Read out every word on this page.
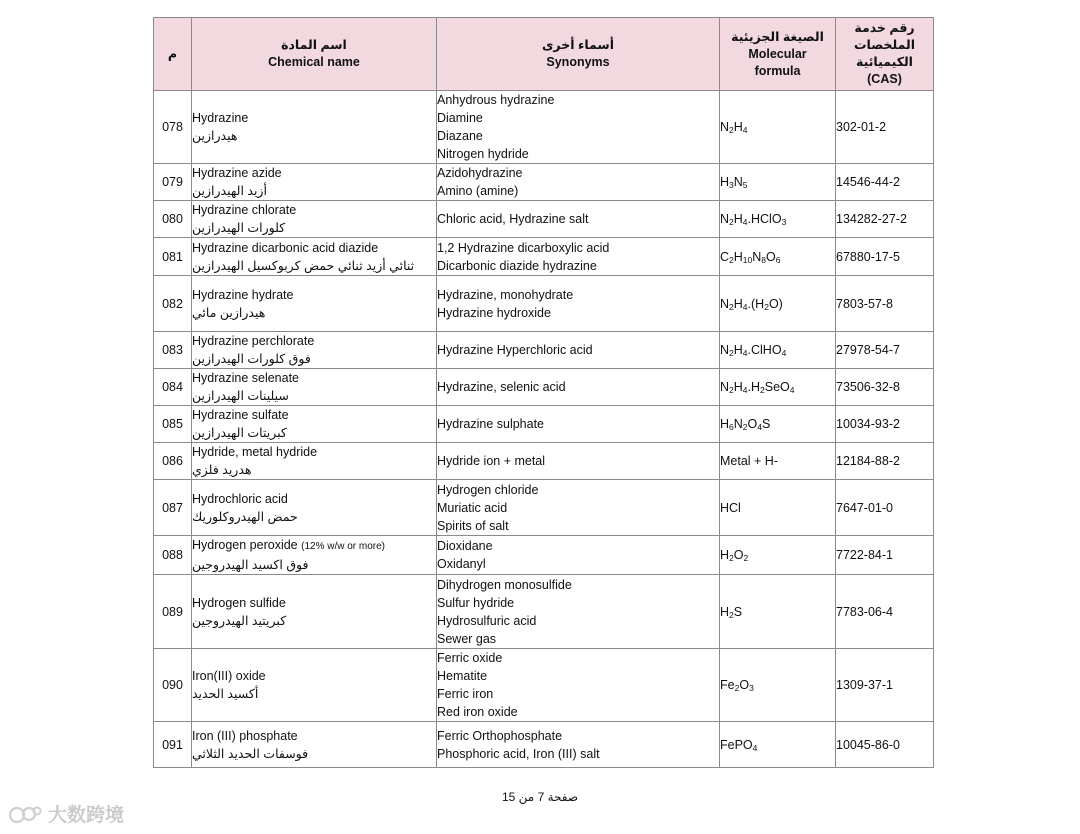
م	اسم المادة
Chemical name	أسماء أخرى
Synonyms	الصيغة الجزيئية
Molecular
formula	رقم خدمة
الملخصات
الكيميائية
(CAS)

078	Hydrazine
هيدرازين	Anhydrous hydrazine
Diamine
Diazane
Nitrogen hydride	$N_2H_4$	302-01-2
079	Hydrazine azide
أزيد الهيدرازين	Azidohydrazine
Amino (amine)	$H_3N_5$	14546-44-2
080	Hydrazine chlorate
كلورات الهيدرازين	Chloric acid, Hydrazine salt	$N_2H_4.HClO_3$	134282-27-2
081	Hydrazine dicarbonic acid diazide
ثنائي أزيد ثنائي حمض كربوكسيل الهيدرازين	1,2 Hydrazine dicarboxylic acid
Dicarbonic diazide hydrazine	$C_2H_{10}N_8O_6$	67880-17-5
082	Hydrazine hydrate
هيدرازين مائي	Hydrazine, monohydrate
Hydrazine hydroxide	$N_2H_4.(H_2O)$	7803-57-8
083	Hydrazine perchlorate
فوق كلورات الهيدرازين	Hydrazine Hyperchloric acid	$N_2H_4.ClHO_4$	27978-54-7
084	Hydrazine selenate
سيلينات الهيدرازين	Hydrazine, selenic acid	$N_2H_4.H_2SeO_4$	73506-32-8
085	Hydrazine sulfate
كبريتات الهيدرازين	Hydrazine sulphate	$H_6N_2O_4S$	10034-93-2
086	Hydride, metal hydride
هدريد فلزي	Hydride ion + metal	Metal + H-	12184-88-2
087	Hydrochloric acid
حمض الهيدروكلوريك	Hydrogen chloride
Muriatic acid
Spirits of salt	HCl	7647-01-0
088	Hydrogen peroxide (12% w/w or more)
فوق اكسيد الهيدروجين	Dioxidane
Oxidanyl	$H_2O_2$	7722-84-1
089	Hydrogen sulfide
كبريتيد الهيدروجين	Dihydrogen monosulfide
Sulfur hydride
Hydrosulfuric acid
Sewer gas	$H_2S$	7783-06-4
090	Iron(III) oxide
أكسيد الحديد	Ferric oxide
Hematite
Ferric iron
Red iron oxide	$Fe_2O_3$	1309-37-1
091	Iron (III) phosphate
فوسفات الحديد الثلاثي	Ferric Orthophosphate
Phosphoric acid, Iron (III) salt	FePO$_4$	10045-86-0
صفحة 7 من 15
大数跨境
